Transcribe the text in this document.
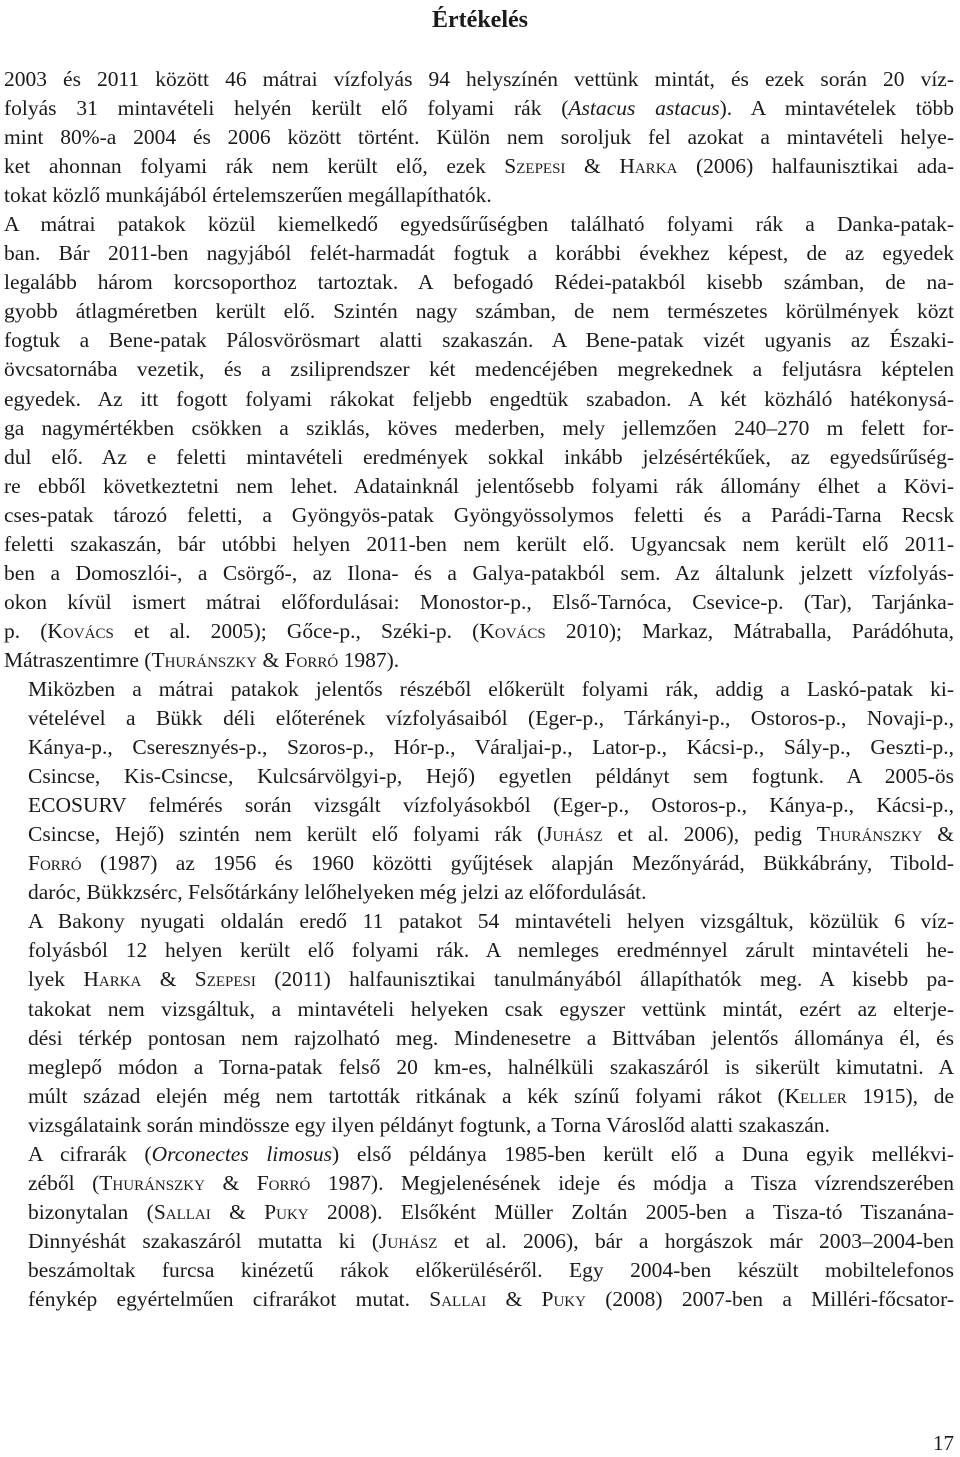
Értékelés

2003 és 2011 között 46 mátrai vízfolyás 94 helyszínén vettünk mintát, és ezek során 20 víz-
folyás 31 mintavételi helyén került elő folyami rák (Astacus astacus). A mintavételek több
mint 80%-a 2004 és 2006 között történt. Külön nem soroljuk fel azokat a mintavételi helye-
ket ahonnan folyami rák nem került elő, ezek Szepesi & Harka (2006) halfaunisztikai ada-
tokat közlő munkájából értelemszerűen megállapíthatók.

A mátrai patakok közül kiemelkedő egyedsűrűségben található folyami rák a Danka-patak-
ban. Bár 2011-ben nagyjából felét-harmadát fogtuk a korábbi évekhez képest, de az egyedek
legalább három korcsoporthoz tartoztak. A befogadó Rédei-patakból kisebb számban, de na-
gyobb átlagméretben került elő. Szintén nagy számban, de nem természetes körülmények közt
fogtuk a Bene-patak Pálosvörösmart alatti szakaszán. A Bene-patak vizét ugyanis az Északi-
övcsatornába vezetik, és a zsiliprendszer két medencéjében megrekednek a feljutásra képtelen
egyedek. Az itt fogott folyami rákokat feljebb engedtük szabadon. A két közháló hatékonysá-
ga nagymértékben csökken a sziklás, köves mederben, mely jellemzően 240–270 m felett for-
dul elő. Az e feletti mintavételi eredmények sokkal inkább jelzésértékűek, az egyedsűrűség-
re ebből következtetni nem lehet. Adatainknál jelentősebb folyami rák állomány élhet a Kövi-
cses-patak tározó feletti, a Gyöngyös-patak Gyöngyössolymos feletti és a Parádi-Tarna Recsk
feletti szakaszán, bár utóbbi helyen 2011-ben nem került elő. Ugyancsak nem került elő 2011-
ben a Domoszlói-, a Csörgő-, az Ilona- és a Galya-patakból sem. Az általunk jelzett vízfolyás-
okon kívül ismert mátrai előfordulásai: Monostor-p., Első-Tarnóca, Csevice-p. (Tar), Tarjánka-
p. (Kovács et al. 2005); Gőce-p., Széki-p. (Kovács 2010); Markaz, Mátraballa, Parádóhuta,
Mátraszentimre (Thuránszky & Forró 1987).

Miközben a mátrai patakok jelentős részéből előkerült folyami rák, addig a Laskó-patak ki-
vételével a Bükk déli előterének vízfolyásaiból (Eger-p., Tárkányi-p., Ostoros-p., Novaji-p.,
Kánya-p., Cseresznyés-p., Szoros-p., Hór-p., Váraljai-p., Lator-p., Kácsi-p., Sály-p., Geszti-p.,
Csincse, Kis-Csincse, Kulcsárvölgyi-p, Hejő) egyetlen példányt sem fogtunk. A 2005-ös
ECOSURV felmérés során vizsgált vízfolyásokból (Eger-p., Ostoros-p., Kánya-p., Kácsi-p.,
Csincse, Hejő) szintén nem került elő folyami rák (Juhász et al. 2006), pedig Thuránszky &
Forró (1987) az 1956 és 1960 közötti gyűjtések alapján Mezőnyárád, Bükkábrány, Tibold-
daróc, Bükkzsérc, Felsőtárkány lelőhelyeken még jelzi az előfordulását.

A Bakony nyugati oldalán eredő 11 patakot 54 mintavételi helyen vizsgáltuk, közülük 6 víz-
folyásból 12 helyen került elő folyami rák. A nemleges eredménnyel zárult mintavételi he-
lyek Harka & Szepesi (2011) halfaunisztikai tanulmányából állapíthatók meg. A kisebb pa-
takokat nem vizsgáltuk, a mintavételi helyeken csak egyszer vettünk mintát, ezért az elterje-
dési térkép pontosan nem rajzolható meg. Mindenesetre a Bittvában jelentős állománya él, és
meglepő módon a Torna-patak felső 20 km-es, halnélküli szakaszáról is sikerült kimutatni. A
múlt század elején még nem tartották ritkának a kék színű folyami rákot (Keller 1915), de
vizsgálataink során mindössze egy ilyen példányt fogtunk, a Torna Városlőd alatti szakaszán.

A cifrarák (Orconectes limosus) első példánya 1985-ben került elő a Duna egyik mellékvi-
zéből (Thuránszky & Forró 1987). Megjelenésének ideje és módja a Tisza vízrendszerében
bizonytalan (Sallai & Puky 2008). Elsőként Müller Zoltán 2005-ben a Tisza-tó Tiszanána-
Dinnyéshát szakaszáról mutatta ki (Juhász et al. 2006), bár a horgászok már 2003–2004-ben
beszámoltak furcsa kinézetű rákok előkerüléséről. Egy 2004-ben készült mobiltelefonos
fénykép egyértelműen cifrarákot mutat. Sallai & Puky (2008) 2007-ben a Milléri-főcsator-

17
